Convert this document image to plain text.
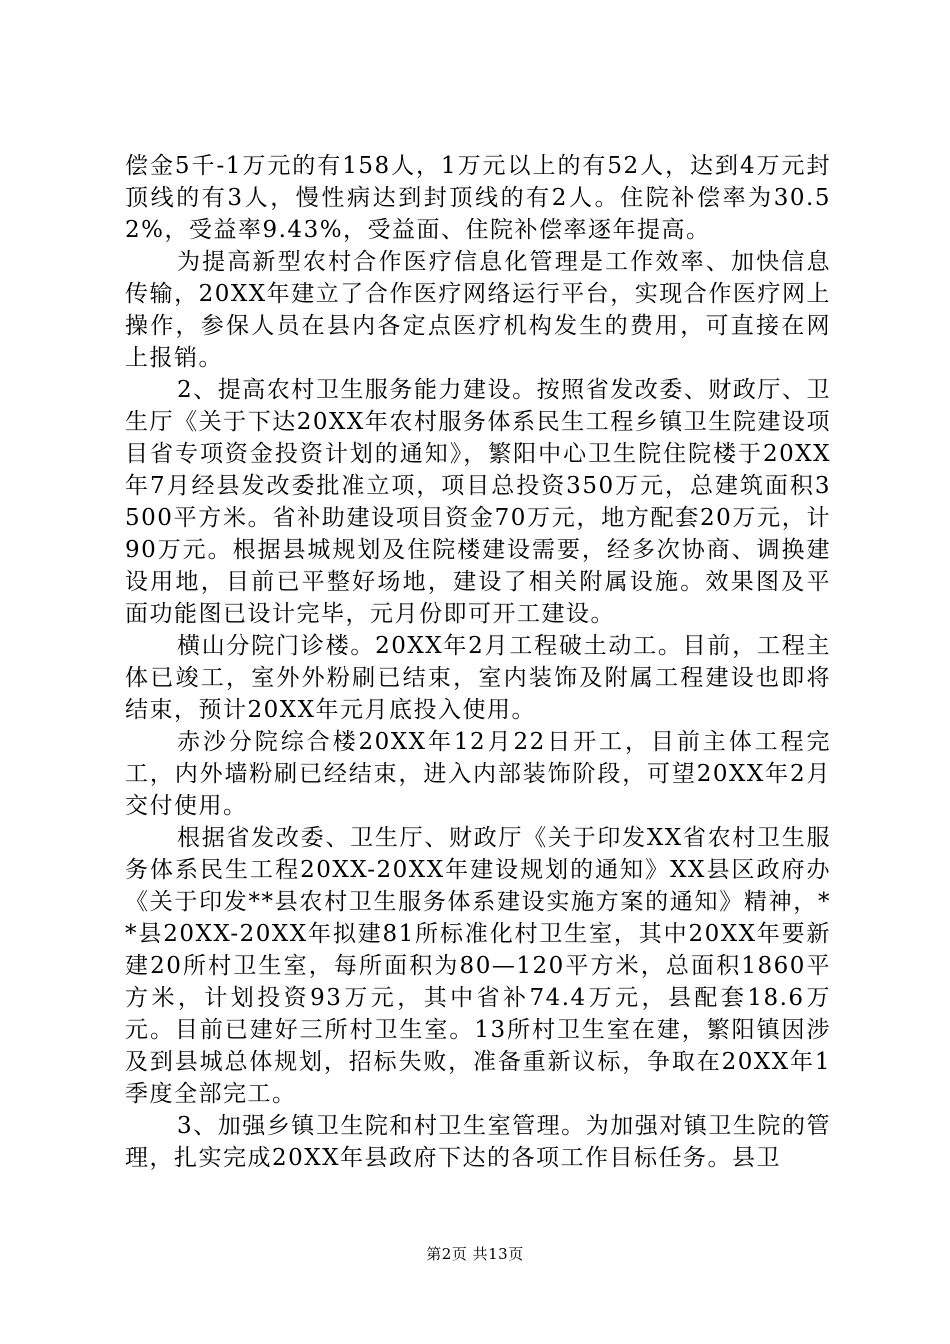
偿金5千-1万元的有158人，1万元以上的有52人，达到4万元封顶线的有3人，慢性病达到封顶线的有2人。住院补偿率为30.52%，受益率9.43%，受益面、住院补偿率逐年提高。

为提高新型农村合作医疗信息化管理是工作效率、加快信息传输，20XX年建立了合作医疗网络运行平台，实现合作医疗网上操作，参保人员在县内各定点医疗机构发生的费用，可直接在网上报销。

2、提高农村卫生服务能力建设。按照省发改委、财政厅、卫生厅《关于下达20XX年农村服务体系民生工程乡镇卫生院建设项目省专项资金投资计划的通知》，繁阳中心卫生院住院楼于20XX年7月经县发改委批准立项，项目总投资350万元，总建筑面积3500平方米。省补助建设项目资金70万元，地方配套20万元，计90万元。根据县城规划及住院楼建设需要，经多次协商、调换建设用地，目前已平整好场地，建设了相关附属设施。效果图及平面功能图已设计完毕，元月份即可开工建设。

横山分院门诊楼。20XX年2月工程破土动工。目前，工程主体已竣工，室外外粉刷已结束，室内装饰及附属工程建设也即将结束，预计20XX年元月底投入使用。

赤沙分院综合楼20XX年12月22日开工，目前主体工程完工，内外墙粉刷已经结束，进入内部装饰阶段，可望20XX年2月交付使用。

根据省发改委、卫生厅、财政厅《关于印发XX省农村卫生服务体系民生工程20XX-20XX年建设规划的通知》XX县区政府办《关于印发**县农村卫生服务体系建设实施方案的通知》精神，**县20XX-20XX年拟建81所标准化村卫生室，其中20XX年要新建20所村卫生室，每所面积为80—120平方米，总面积1860平方米，计划投资93万元，其中省补74.4万元，县配套18.6万元。目前已建好三所村卫生室。13所村卫生室在建，繁阳镇因涉及到县城总体规划，招标失败，准备重新议标，争取在20XX年1季度全部完工。

3、加强乡镇卫生院和村卫生室管理。为加强对镇卫生院的管理，扎实完成20XX年县政府下达的各项工作目标任务。县卫

第2页 共13页
